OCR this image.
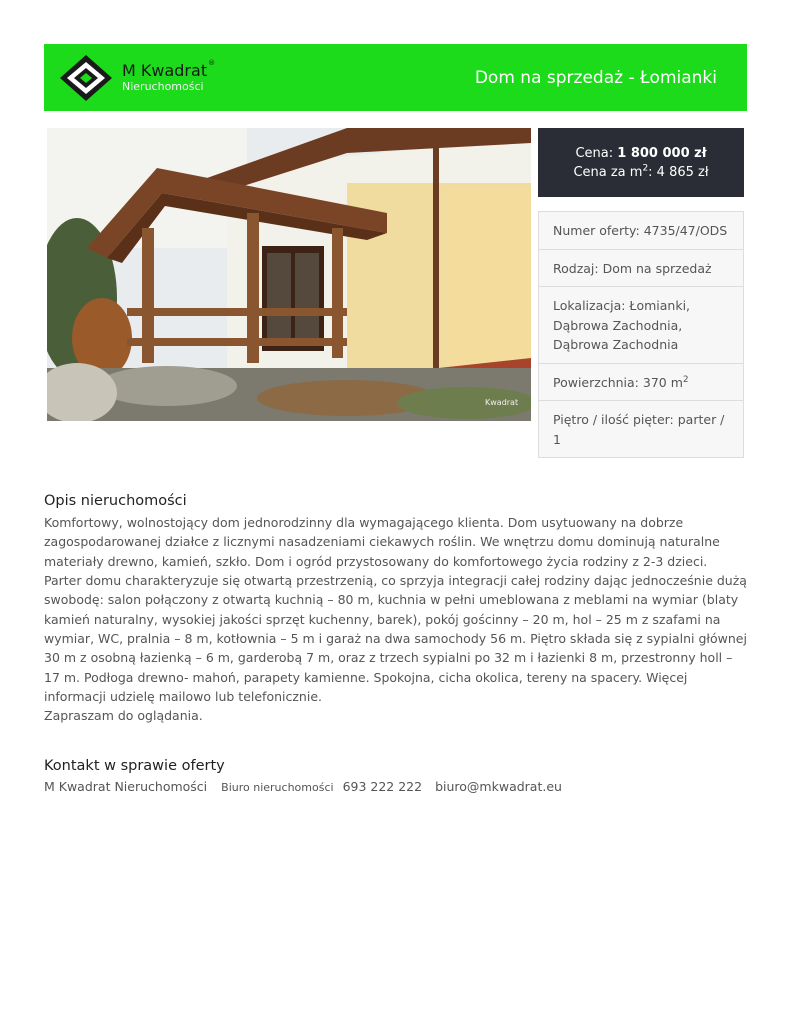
M Kwadrat ®
Nieruchomości	Dom na sprzedaż - Łomianki
Kwadrat
Cena: 1 800 000 zł
Cena za $m^2$: 4 865 zł
Numer oferty: 4735/47/ODS
Rodzaj: Dom na sprzedaż
Lokalizacja: Łomianki, Dąbrowa Zachodnia, Dąbrowa Zachodnia
Powierzchnia: 370 $m^2$
Piętro / ilość pięter: parter / 1
Opis nieruchomości
Komfortowy, wolnostojący dom jednorodzinny dla wymagającego klienta. Dom usytuowany na dobrze zagospodarowanej działce z licznymi nasadzeniami ciekawych roślin. We wnętrzu domu dominują naturalne materiały drewno, kamień, szkło. Dom i ogród przystosowany do komfortowego życia rodziny z 2-3 dzieci. Parter domu charakteryzuje się otwartą przestrzenią, co sprzyja integracji całej rodziny dając jednocześnie dużą swobodę: salon połączony z otwartą kuchnią – 80 m, kuchnia w pełni umeblowana z meblami na wymiar (blaty kamień naturalny, wysokiej jakości sprzęt kuchenny, barek), pokój gościnny – 20 m, hol – 25 m z szafami na wymiar, WC, pralnia – 8 m, kotłownia – 5 m i garaż na dwa samochody 56 m. Piętro składa się z sypialni głównej 30 m z osobną łazienką – 6 m, garderobą 7 m, oraz z trzech sypialni po 32 m i łazienki 8 m, przestronny holl – 17 m. Podłoga drewno- mahoń, parapety kamienne. Spokojna, cicha okolica, tereny na spacery. Więcej informacji udzielę mailowo lub telefonicznie.
Zapraszam do oglądania.
Kontakt w sprawie oferty
M Kwadrat Nieruchomości Biuro nieruchomości 693 222 222 biuro@mkwadrat.eu
